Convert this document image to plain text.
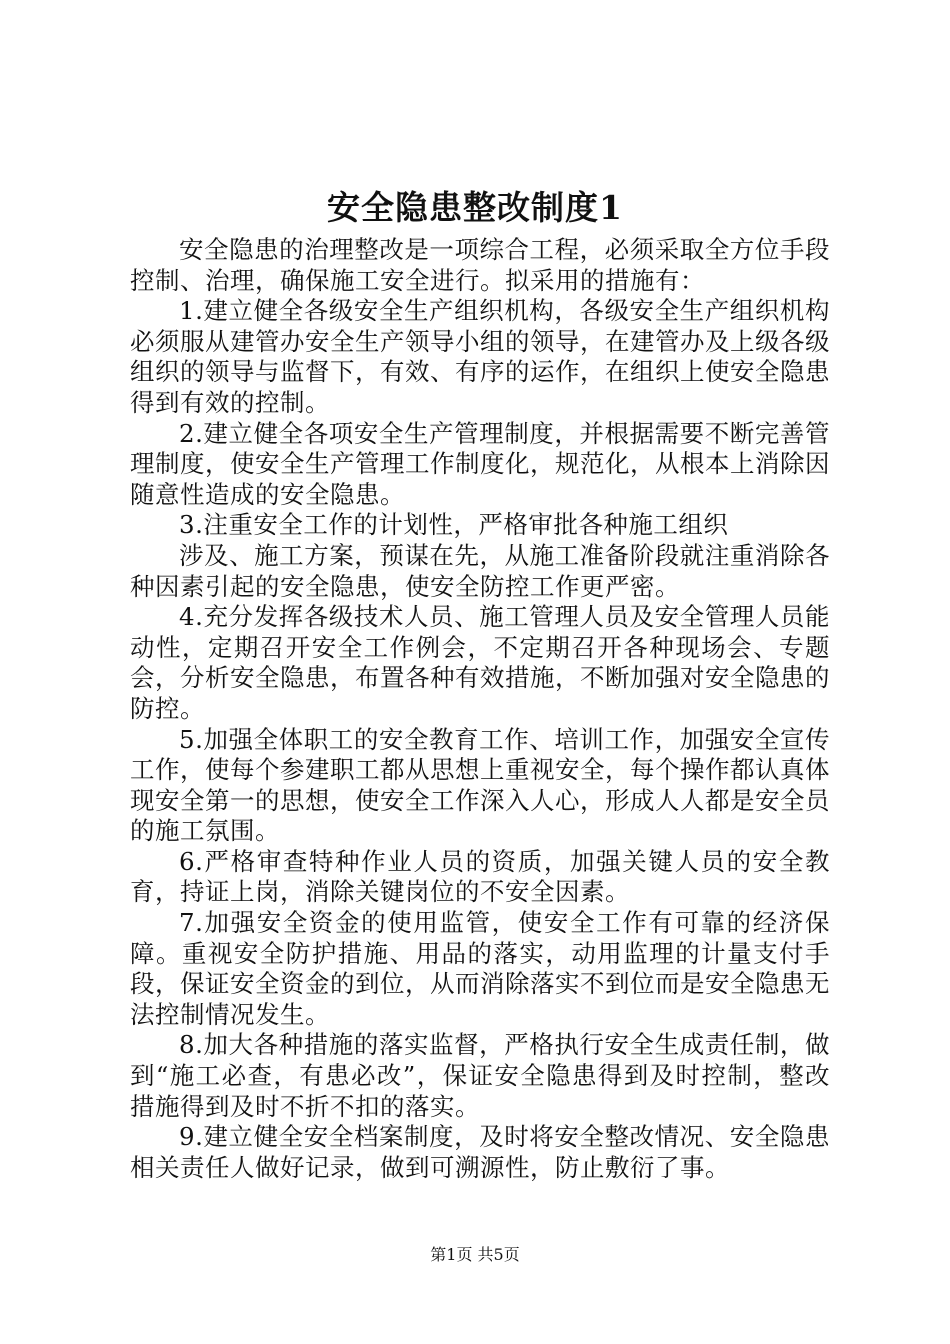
安全隐患整改制度1

安全隐患的治理整改是一项综合工程，必须采取全方位手段控制、治理，确保施工安全进行。拟采用的措施有：

1.建立健全各级安全生产组织机构，各级安全生产组织机构必须服从建管办安全生产领导小组的领导，在建管办及上级各级组织的领导与监督下，有效、有序的运作，在组织上使安全隐患得到有效的控制。

2.建立健全各项安全生产管理制度，并根据需要不断完善管理制度，使安全生产管理工作制度化，规范化，从根本上消除因随意性造成的安全隐患。

3.注重安全工作的计划性，严格审批各种施工组织

涉及、施工方案，预谋在先，从施工准备阶段就注重消除各种因素引起的安全隐患，使安全防控工作更严密。

4.充分发挥各级技术人员、施工管理人员及安全管理人员能动性，定期召开安全工作例会，不定期召开各种现场会、专题会，分析安全隐患，布置各种有效措施，不断加强对安全隐患的防控。

5.加强全体职工的安全教育工作、培训工作，加强安全宣传工作，使每个参建职工都从思想上重视安全，每个操作都认真体现安全第一的思想，使安全工作深入人心，形成人人都是安全员的施工氛围。

6.严格审查特种作业人员的资质，加强关键人员的安全教育，持证上岗，消除关键岗位的不安全因素。

7.加强安全资金的使用监管，使安全工作有可靠的经济保障。重视安全防护措施、用品的落实，动用监理的计量支付手段，保证安全资金的到位，从而消除落实不到位而是安全隐患无法控制情况发生。

8.加大各种措施的落实监督，严格执行安全生成责任制，做到“施工必查，有患必改”，保证安全隐患得到及时控制，整改措施得到及时不折不扣的落实。

9.建立健全安全档案制度，及时将安全整改情况、安全隐患相关责任人做好记录，做到可溯源性，防止敷衍了事。

第1页 共5页
